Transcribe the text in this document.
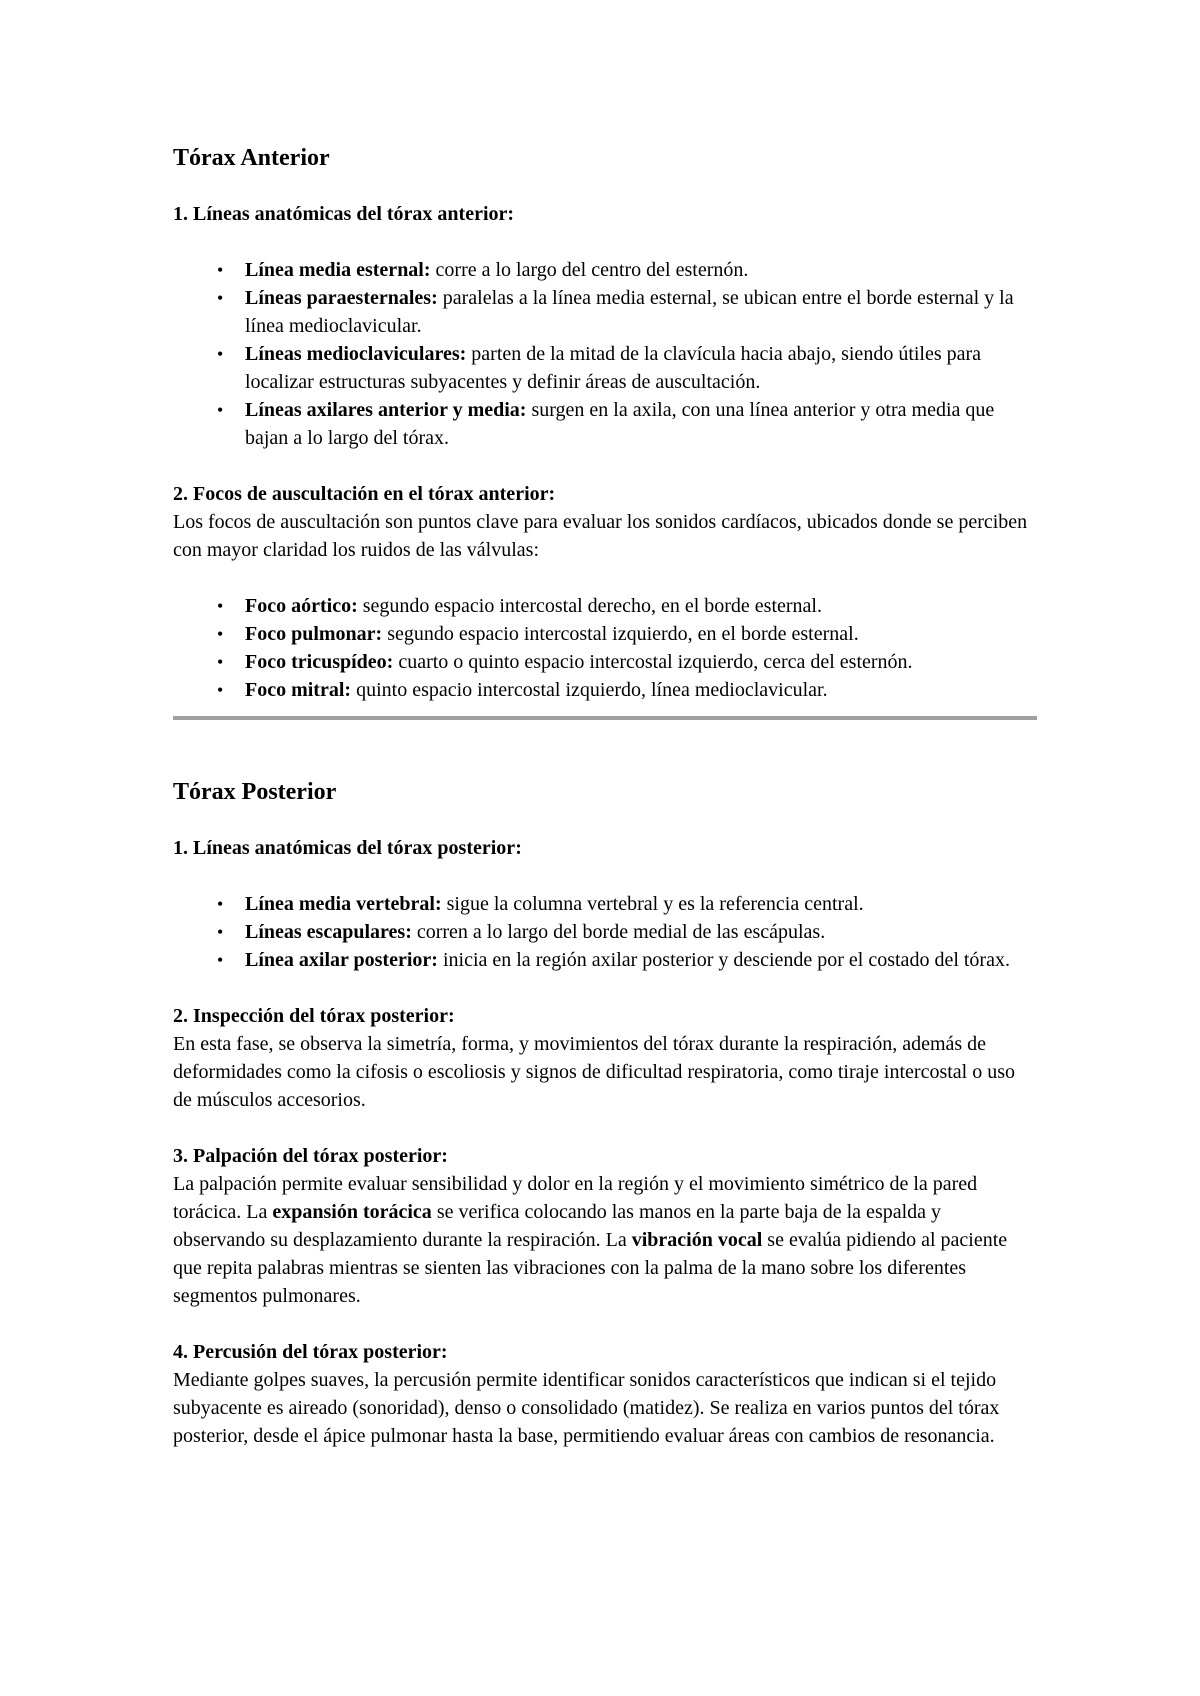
Tórax Anterior

1. Líneas anatómicas del tórax anterior:

• Línea media esternal: corre a lo largo del centro del esternón.
• Líneas paraesternales: paralelas a la línea media esternal, se ubican entre el borde esternal y la línea medioclavicular.
• Líneas medioclaviculares: parten de la mitad de la clavícula hacia abajo, siendo útiles para localizar estructuras subyacentes y definir áreas de auscultación.
• Líneas axilares anterior y media: surgen en la axila, con una línea anterior y otra media que bajan a lo largo del tórax.

2. Focos de auscultación en el tórax anterior:

Los focos de auscultación son puntos clave para evaluar los sonidos cardíacos, ubicados donde se perciben con mayor claridad los ruidos de las válvulas:

• Foco aórtico: segundo espacio intercostal derecho, en el borde esternal.
• Foco pulmonar: segundo espacio intercostal izquierdo, en el borde esternal.
• Foco tricuspídeo: cuarto o quinto espacio intercostal izquierdo, cerca del esternón.
• Foco mitral: quinto espacio intercostal izquierdo, línea medioclavicular.

Tórax Posterior

1. Líneas anatómicas del tórax posterior:

• Línea media vertebral: sigue la columna vertebral y es la referencia central.
• Líneas escapulares: corren a lo largo del borde medial de las escápulas.
• Línea axilar posterior: inicia en la región axilar posterior y desciende por el costado del tórax.

2. Inspección del tórax posterior:

En esta fase, se observa la simetría, forma, y movimientos del tórax durante la respiración, además de deformidades como la cifosis o escoliosis y signos de dificultad respiratoria, como tiraje intercostal o uso de músculos accesorios.

3. Palpación del tórax posterior:

La palpación permite evaluar sensibilidad y dolor en la región y el movimiento simétrico de la pared torácica. La expansión torácica se verifica colocando las manos en la parte baja de la espalda y observando su desplazamiento durante la respiración. La vibración vocal se evalúa pidiendo al paciente que repita palabras mientras se sienten las vibraciones con la palma de la mano sobre los diferentes segmentos pulmonares.

4. Percusión del tórax posterior:

Mediante golpes suaves, la percusión permite identificar sonidos característicos que indican si el tejido subyacente es aireado (sonoridad), denso o consolidado (matidez). Se realiza en varios puntos del tórax posterior, desde el ápice pulmonar hasta la base, permitiendo evaluar áreas con cambios de resonancia.
